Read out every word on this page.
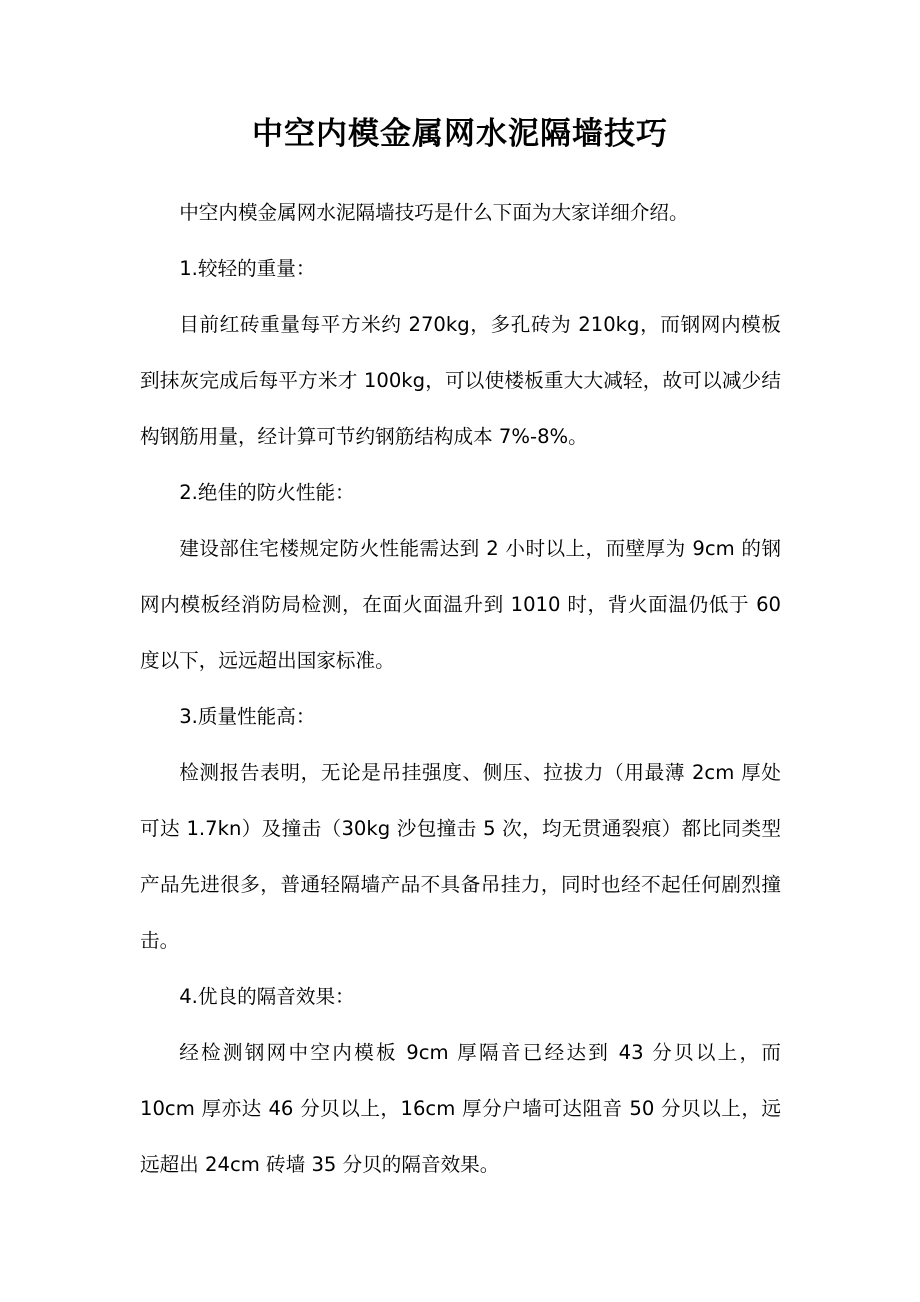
中空内模金属网水泥隔墙技巧

中空内模金属网水泥隔墙技巧是什么下面为大家详细介绍。

1.较轻的重量：

目前红砖重量每平方米约 270kg，多孔砖为 210kg，而钢网内模板到抹灰完成后每平方米才 100kg，可以使楼板重大大减轻，故可以减少结构钢筋用量，经计算可节约钢筋结构成本 7%-8%。

2.绝佳的防火性能：

建设部住宅楼规定防火性能需达到 2 小时以上，而壁厚为 9cm 的钢网内模板经消防局检测，在面火面温升到 1010 时，背火面温仍低于 60 度以下，远远超出国家标准。

3.质量性能高：

检测报告表明，无论是吊挂强度、侧压、拉拔力（用最薄 2cm 厚处可达 1.7kn）及撞击（30kg 沙包撞击 5 次，均无贯通裂痕）都比同类型产品先进很多，普通轻隔墙产品不具备吊挂力，同时也经不起任何剧烈撞击。

4.优良的隔音效果：

经检测钢网中空内模板 9cm 厚隔音已经达到 43 分贝以上，而 10cm 厚亦达 46 分贝以上，16cm 厚分户墙可达阻音 50 分贝以上，远远超出 24cm 砖墙 35 分贝的隔音效果。
